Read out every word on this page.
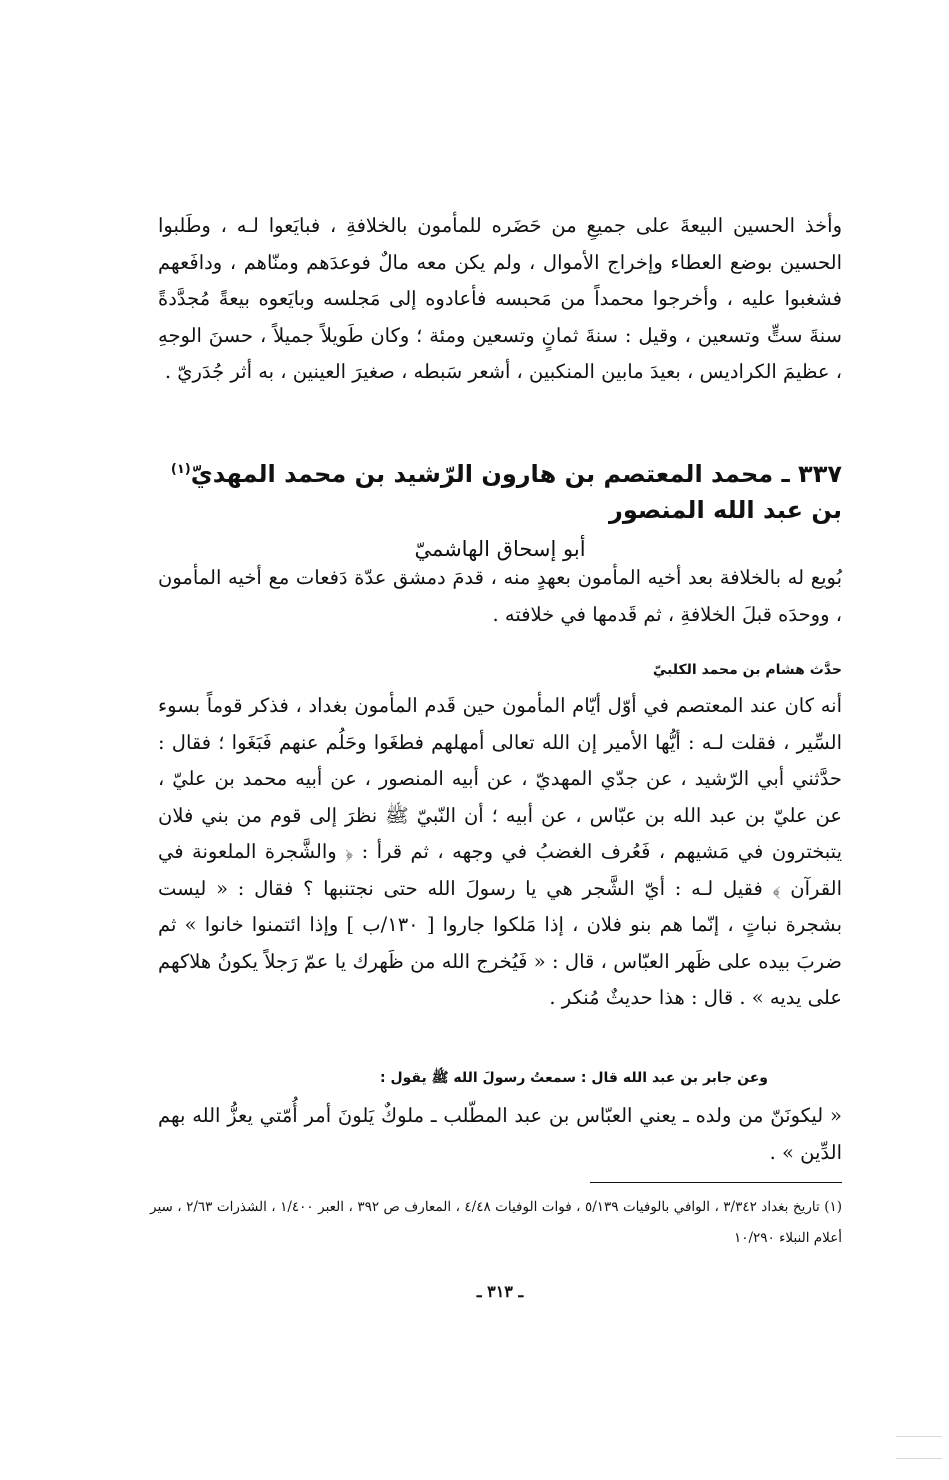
وأخذ الحسين البيعةَ على جميعِ من حَضَره للمأمون بالخلافةِ ، فبايَعوا لـه ، وطَلبوا الحسين بوضع العطاء وإخراج الأموال ، ولم يكن معه مالٌ فوعدَهم ومنّاهم ، ودافَعهم فشغبوا عليه ، وأخرجوا محمداً من مَحبسه فأعادوه إلى مَجلسه وبايَعوه بيعةً مُجدَّدةً سنةَ ستٍّ وتسعين ، وقيل : سنةَ ثمانٍ وتسعين ومئة ؛ وكان طَويلاً جميلاً ، حسنَ الوجهِ ، عظيمَ الكراديس ، بعيدَ مابين المنكبين ، أشعر سَبطه ، صغيرَ العينين ، به أثر جُدَريّ .

٣٣٧ ـ محمد المعتصم بن هارون الرّشيد بن محمد المهديّ$^{(١)}$ بن عبد الله المنصور

أبو إسحاق الهاشميّ

بُويع له بالخلافة بعد أخيه المأمون بعهدٍ منه ، قدمَ دمشق عدّة دَفعات مع أخيه المأمون ، ووحدَه قبلَ الخلافةِ ، ثم قَدمها في خلافته .

حدَّث هشام بن محمد الكلبيّ

أنه كان عند المعتصم في أوّل أيّام المأمون حين قَدم المأمون بغداد ، فذكر قوماً بسوء السِّير ، فقلت لـه : أيُّها الأمير إن الله تعالى أمهلهم فطغَوا وحَلُم عنهم فَبَغَوا ؛ فقال : حدَّثني أبي الرّشيد ، عن جدّي المهديّ ، عن أبيه المنصور ، عن أبيه محمد بن عليّ ، عن عليّ بن عبد الله بن عبّاس ، عن أبيه ؛ أن النّبيّ ﷺ نظرَ إلى قوم من بني فلان يتبخترون في مَشيهم ، فَعُرف الغضبُ في وجهه ، ثم قرأ : ﴿ والشَّجرة الملعونة في القرآن ﴾ فقيل لـه : أيّ الشَّجر هي يا رسولَ الله حتى نجتنبها ؟ فقال : « ليست بشجرة نباتٍ ، إنّما هم بنو فلان ، إذا مَلكوا جاروا [ ١٣٠/ب ] وإذا ائتمنوا خانوا » ثم ضربَ بيده على ظَهر العبّاس ، قال : « فَيُخرج الله من ظَهرك يا عمّ رَجلاً يكونُ هلاكهم على يديه » . قال : هذا حديثٌ مُنكر .

وعن جابر بن عبد الله قال : سمعتُ رسولَ الله ﷺ يقول :

« ليكونَنّ من ولده ـ يعني العبّاس بن عبد المطّلب ـ ملوكٌ يَلونَ أمر أُمّتي يعزُّ الله بهم الدِّين » .

(١) تاريخ بغداد ٣/٣٤٢ ، الوافي بالوفيات ٥/١٣٩ ، فوات الوفيات ٤/٤٨ ، المعارف ص ٣٩٢ ، العبر ١/٤٠٠ ، الشذرات ٢/٦٣ ، سير أعلام النبلاء ١٠/٢٩٠

ـ ٣١٣ ـ
